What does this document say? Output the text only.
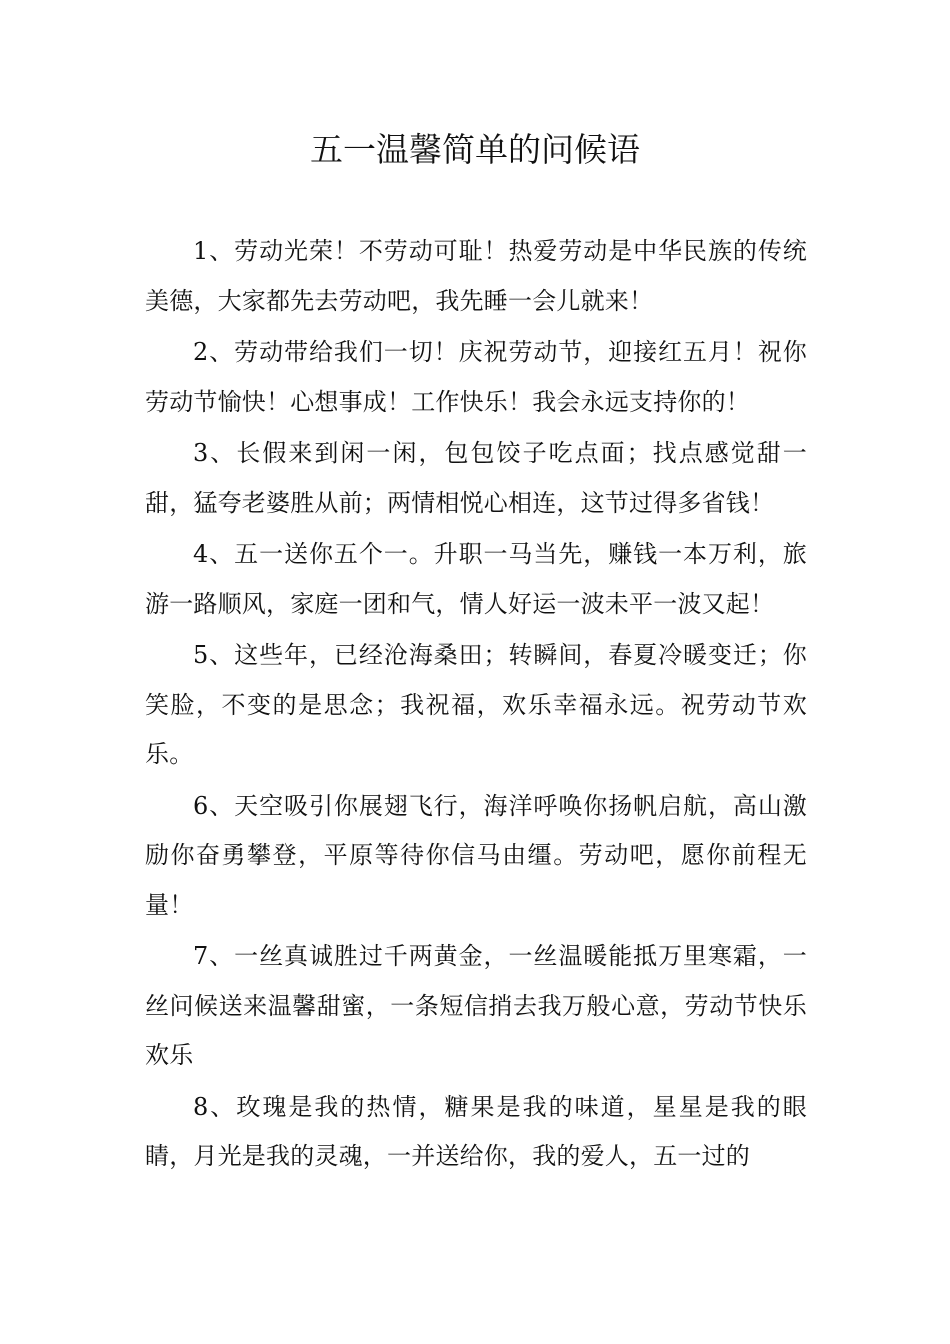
五一温馨简单的问候语

1、劳动光荣！不劳动可耻！热爱劳动是中华民族的传统美德，大家都先去劳动吧，我先睡一会儿就来！

2、劳动带给我们一切！庆祝劳动节，迎接红五月！祝你劳动节愉快！心想事成！工作快乐！我会永远支持你的！

3、长假来到闲一闲，包包饺子吃点面；找点感觉甜一甜，猛夸老婆胜从前；两情相悦心相连，这节过得多省钱！

4、五一送你五个一。升职一马当先，赚钱一本万利，旅游一路顺风，家庭一团和气，情人好运一波未平一波又起！

5、这些年，已经沧海桑田；转瞬间，春夏冷暖变迁；你笑脸，不变的是思念；我祝福，欢乐幸福永远。祝劳动节欢乐。

6、天空吸引你展翅飞行，海洋呼唤你扬帆启航，高山激励你奋勇攀登，平原等待你信马由缰。劳动吧，愿你前程无量！

7、一丝真诚胜过千两黄金，一丝温暖能抵万里寒霜，一丝问候送来温馨甜蜜，一条短信捎去我万般心意，劳动节快乐欢乐

8、玫瑰是我的热情，糖果是我的味道，星星是我的眼睛，月光是我的灵魂，一并送给你，我的爱人，五一过的
